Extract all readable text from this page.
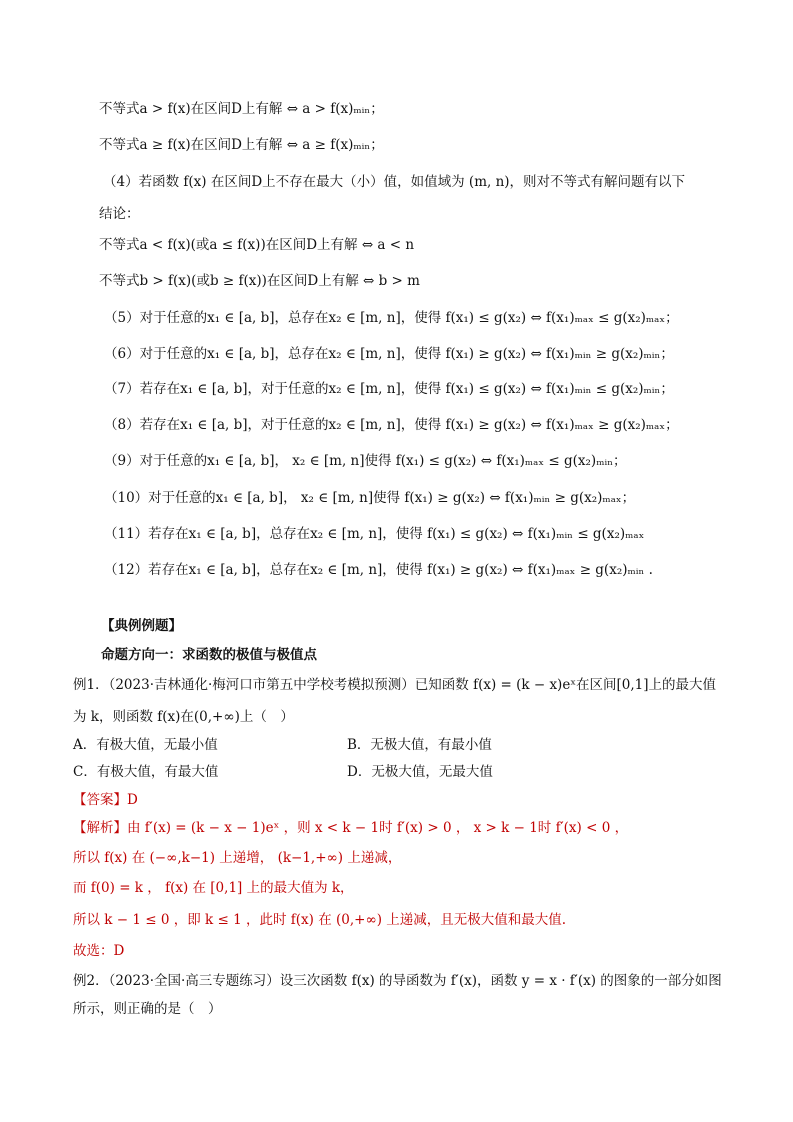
不等式a > f(x)在区间D上有解 ⇔ a > f(x)ₘᵢₙ；
不等式a ≥ f(x)在区间D上有解 ⇔ a ≥ f(x)ₘᵢₙ；
（4）若函数 f(x) 在区间D上不存在最大（小）值，如值域为 (m, n)，则对不等式有解问题有以下
结论：
不等式a < f(x)(或a ≤ f(x))在区间D上有解 ⇔ a < n
不等式b > f(x)(或b ≥ f(x))在区间D上有解 ⇔ b > m
（5）对于任意的x₁ ∈ [a, b]，总存在x₂ ∈ [m, n]，使得 f(x₁) ≤ g(x₂) ⇔ f(x₁)ₘₐₓ ≤ g(x₂)ₘₐₓ；
（6）对于任意的x₁ ∈ [a, b]，总存在x₂ ∈ [m, n]，使得 f(x₁) ≥ g(x₂) ⇔ f(x₁)ₘᵢₙ ≥ g(x₂)ₘᵢₙ；
（7）若存在x₁ ∈ [a, b]，对于任意的x₂ ∈ [m, n]，使得 f(x₁) ≤ g(x₂) ⇔ f(x₁)ₘᵢₙ ≤ g(x₂)ₘᵢₙ；
（8）若存在x₁ ∈ [a, b]，对于任意的x₂ ∈ [m, n]，使得 f(x₁) ≥ g(x₂) ⇔ f(x₁)ₘₐₓ ≥ g(x₂)ₘₐₓ；
（9）对于任意的x₁ ∈ [a, b]， x₂ ∈ [m, n]使得 f(x₁) ≤ g(x₂) ⇔ f(x₁)ₘₐₓ ≤ g(x₂)ₘᵢₙ；
（10）对于任意的x₁ ∈ [a, b]， x₂ ∈ [m, n]使得 f(x₁) ≥ g(x₂) ⇔ f(x₁)ₘᵢₙ ≥ g(x₂)ₘₐₓ；
（11）若存在x₁ ∈ [a, b]，总存在x₂ ∈ [m, n]，使得 f(x₁) ≤ g(x₂) ⇔ f(x₁)ₘᵢₙ ≤ g(x₂)ₘₐₓ
（12）若存在x₁ ∈ [a, b]，总存在x₂ ∈ [m, n]，使得 f(x₁) ≥ g(x₂) ⇔ f(x₁)ₘₐₓ ≥ g(x₂)ₘᵢₙ .
【典例例题】
命题方向一：求函数的极值与极值点
例1．（2023·吉林通化·梅河口市第五中学校考模拟预测）已知函数 f(x) = (k − x)eˣ在区间[0,1]上的最大值
为 k，则函数 f(x)在(0,+∞)上（　）
A．有极大值，无最小值	B．无极大值，有最小值
C．有极大值，有最大值	D．无极大值，无最大值
【答案】D
【解析】由 f′(x) = (k − x − 1)eˣ ，则 x < k − 1时 f′(x) > 0 ， x > k − 1时 f′(x) < 0 ，
所以 f(x) 在 (−∞,k−1) 上递增， (k−1,+∞) 上递减，
而 f(0) = k ， f(x) 在 [0,1] 上的最大值为 k，
所以 k − 1 ≤ 0 ，即 k ≤ 1 ，此时 f(x) 在 (0,+∞) 上递减，且无极大值和最大值.
故选：D
例2．（2023·全国·高三专题练习）设三次函数 f(x) 的导函数为 f′(x)，函数 y = x · f′(x) 的图象的一部分如图
所示，则正确的是（　）
